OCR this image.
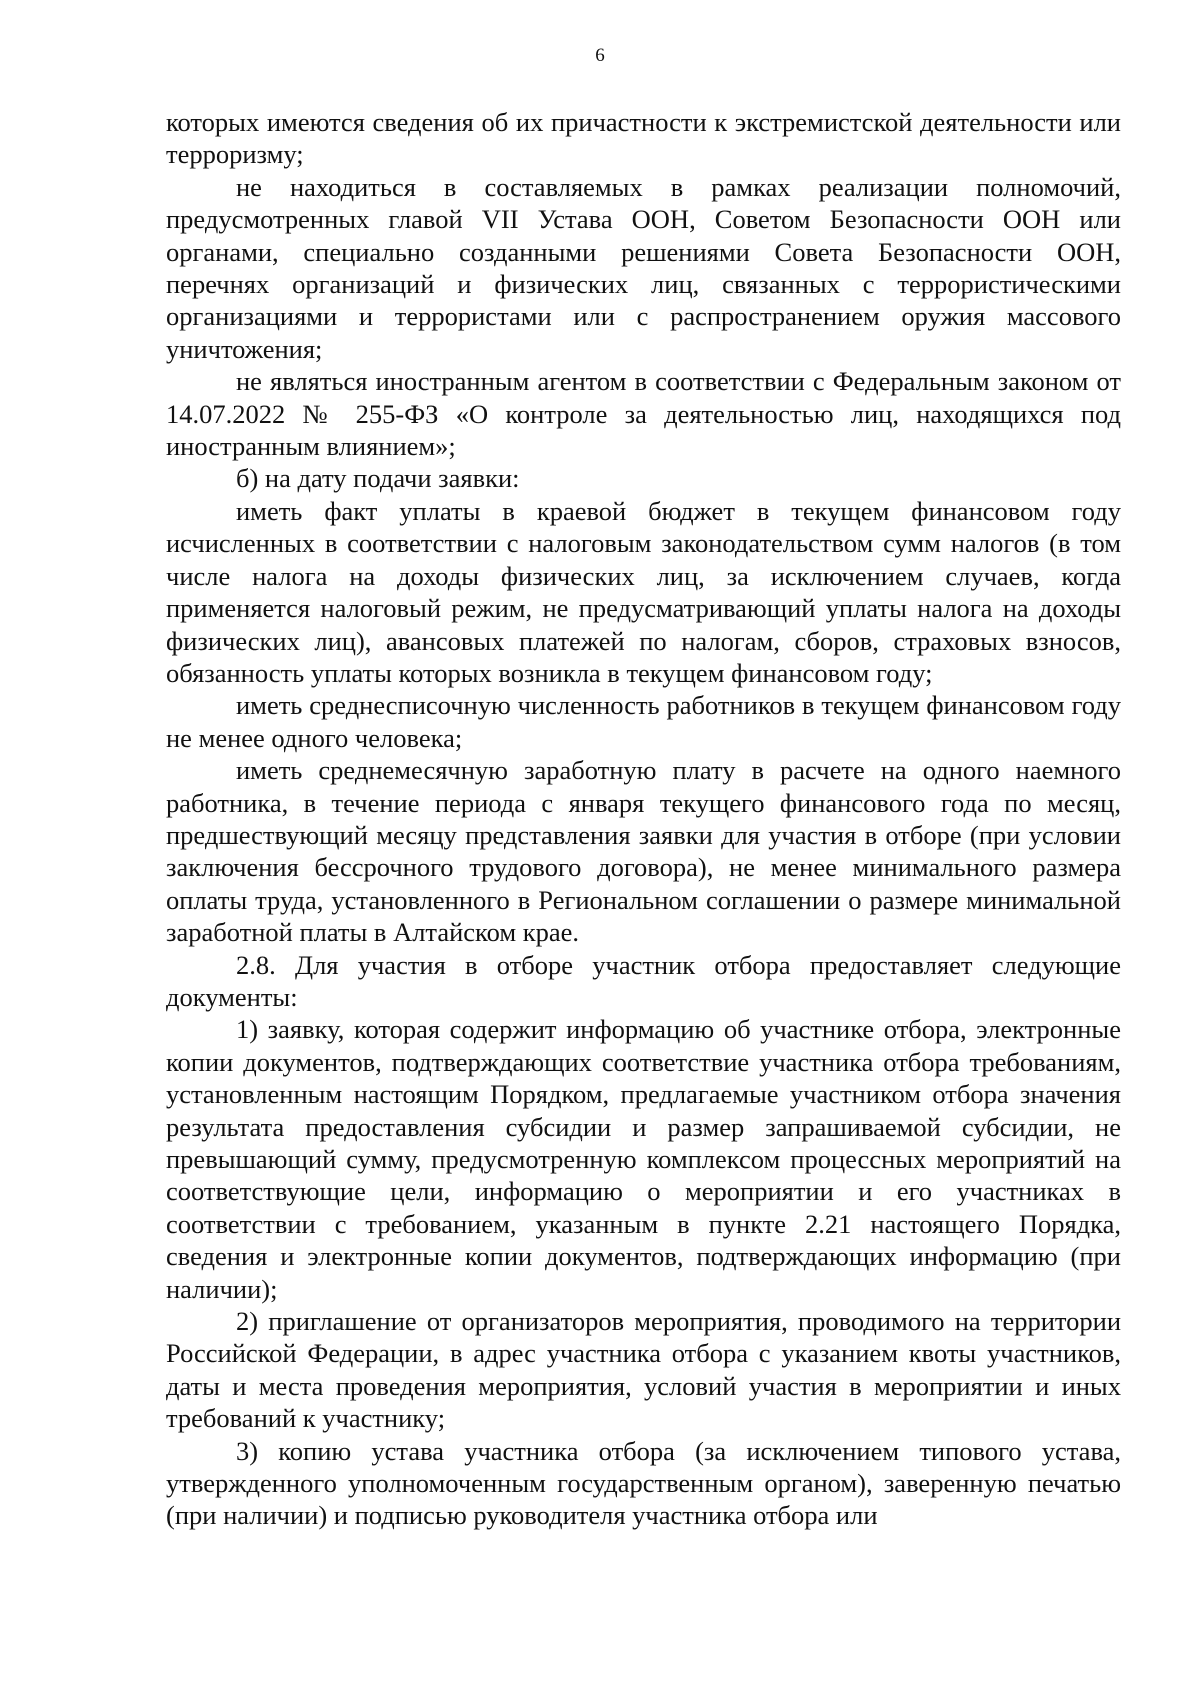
6

которых имеются сведения об их причастности к экстремистской деятельности или терроризму;

не находиться в составляемых в рамках реализации полномочий, предусмотренных главой VII Устава ООН, Советом Безопасности ООН или органами, специально созданными решениями Совета Безопасности ООН, перечнях организаций и физических лиц, связанных с террористическими организациями и террористами или с распространением оружия массового уничтожения;

не являться иностранным агентом в соответствии с Федеральным законом от 14.07.2022 № 255-ФЗ «О контроле за деятельностью лиц, находящихся под иностранным влиянием»;

б) на дату подачи заявки:

иметь факт уплаты в краевой бюджет в текущем финансовом году исчисленных в соответствии с налоговым законодательством сумм налогов (в том числе налога на доходы физических лиц, за исключением случаев, когда применяется налоговый режим, не предусматривающий уплаты налога на доходы физических лиц), авансовых платежей по налогам, сборов, страховых взносов, обязанность уплаты которых возникла в текущем финансовом году;

иметь среднесписочную численность работников в текущем финансовом году не менее одного человека;

иметь среднемесячную заработную плату в расчете на одного наемного работника, в течение периода с января текущего финансового года по месяц, предшествующий месяцу представления заявки для участия в отборе (при условии заключения бессрочного трудового договора), не менее минимального размера оплаты труда, установленного в Региональном соглашении о размере минимальной заработной платы в Алтайском крае.

2.8. Для участия в отборе участник отбора предоставляет следующие документы:

1) заявку, которая содержит информацию об участнике отбора, электронные копии документов, подтверждающих соответствие участника отбора требованиям, установленным настоящим Порядком, предлагаемые участником отбора значения результата предоставления субсидии и размер запрашиваемой субсидии, не превышающий сумму, предусмотренную комплексом процессных мероприятий на соответствующие цели, информацию о мероприятии и его участниках в соответствии с требованием, указанным в пункте 2.21 настоящего Порядка, сведения и электронные копии документов, подтверждающих информацию (при наличии);

2) приглашение от организаторов мероприятия, проводимого на территории Российской Федерации, в адрес участника отбора с указанием квоты участников, даты и места проведения мероприятия, условий участия в мероприятии и иных требований к участнику;

3) копию устава участника отбора (за исключением типового устава, утвержденного уполномоченным государственным органом), заверенную печатью (при наличии) и подписью руководителя участника отбора или
